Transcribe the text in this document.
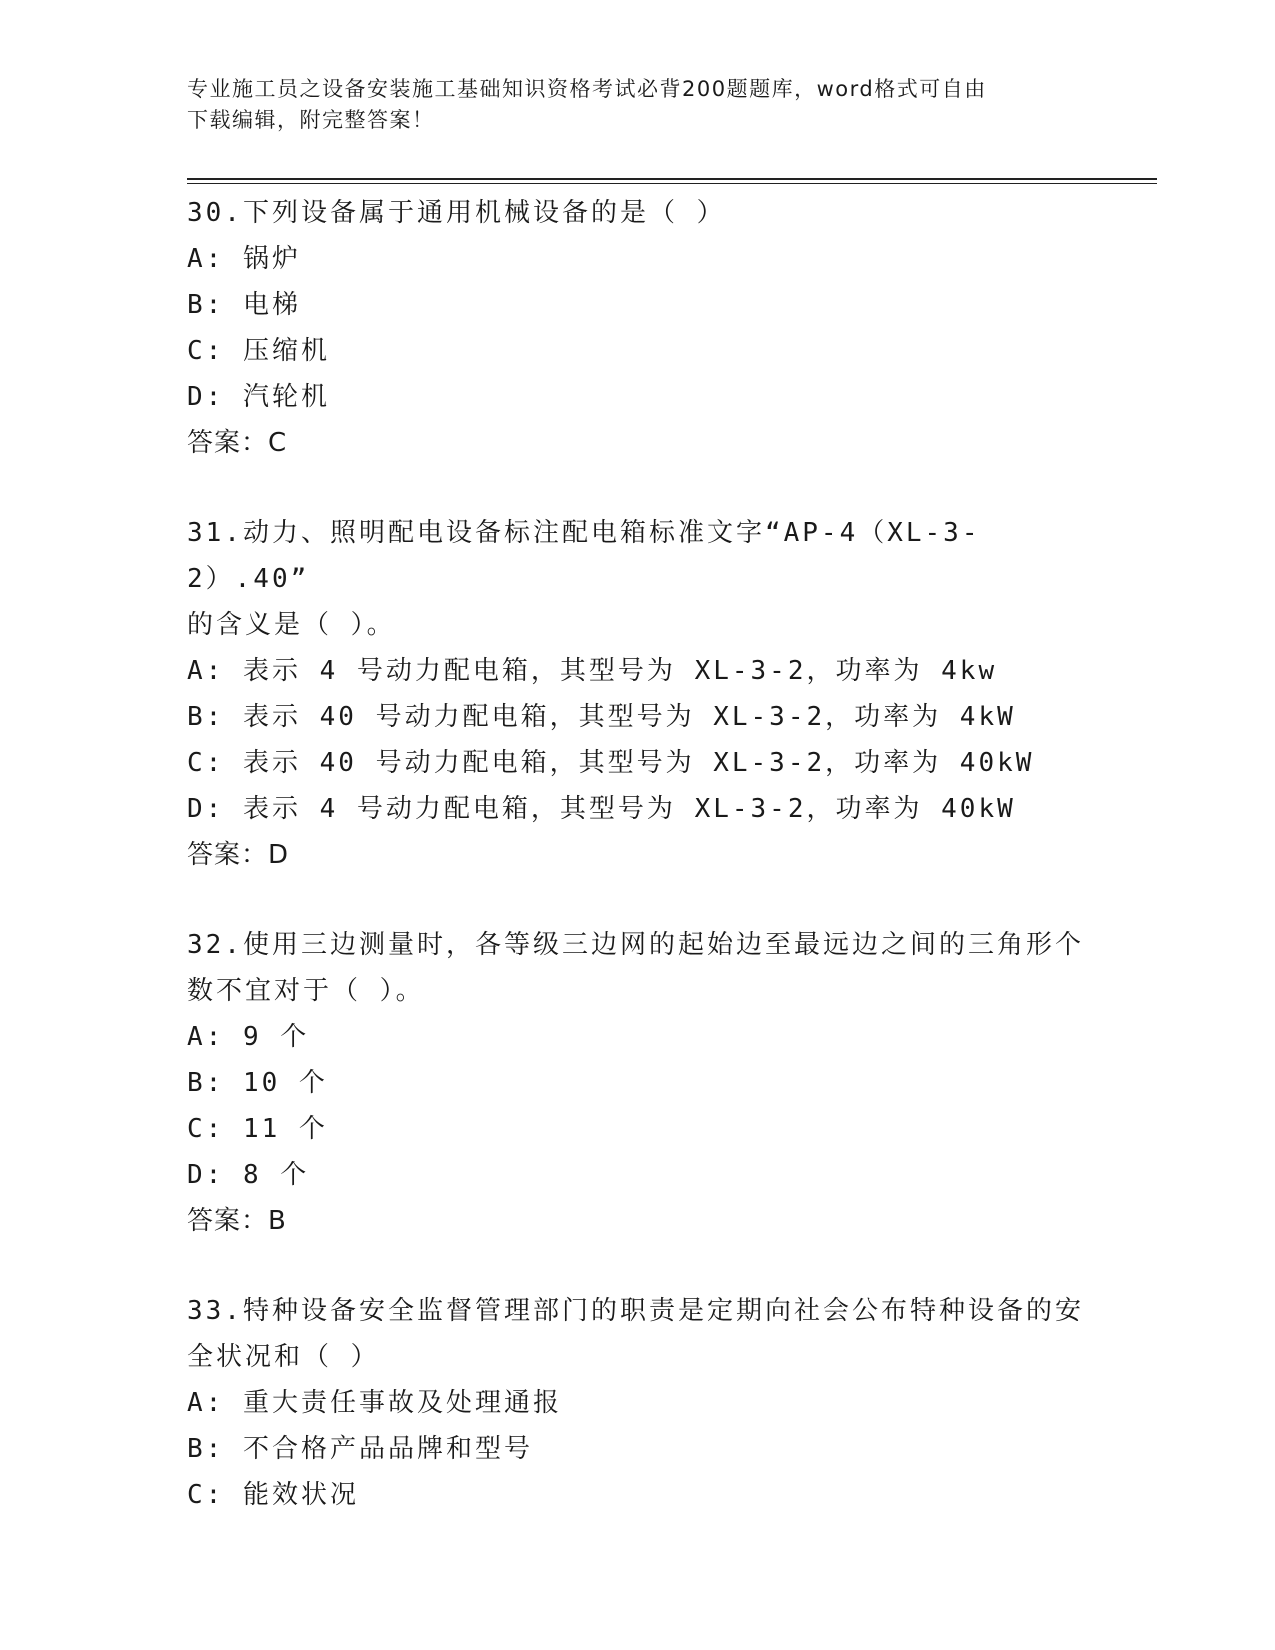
专业施工员之设备安装施工基础知识资格考试必背200题题库，word格式可自由
下载编辑，附完整答案！
30.下列设备属于通用机械设备的是（ ）
A: 锅炉
B: 电梯
C: 压缩机
D: 汽轮机
答案：C
31.动力、照明配电设备标注配电箱标准文字“AP-4（XL-3-2）.40”
的含义是（ ）。
A: 表示 4 号动力配电箱，其型号为 XL-3-2，功率为 4kw
B: 表示 40 号动力配电箱，其型号为 XL-3-2，功率为 4kW
C: 表示 40 号动力配电箱，其型号为 XL-3-2，功率为 40kW
D: 表示 4 号动力配电箱，其型号为 XL-3-2，功率为 40kW
答案：D
32.使用三边测量时，各等级三边网的起始边至最远边之间的三角形个
数不宜对于（ ）。
A: 9 个
B: 10 个
C: 11 个
D: 8 个
答案：B
33.特种设备安全监督管理部门的职责是定期向社会公布特种设备的安
全状况和（ ）
A: 重大责任事故及处理通报
B: 不合格产品品牌和型号
C: 能效状况
